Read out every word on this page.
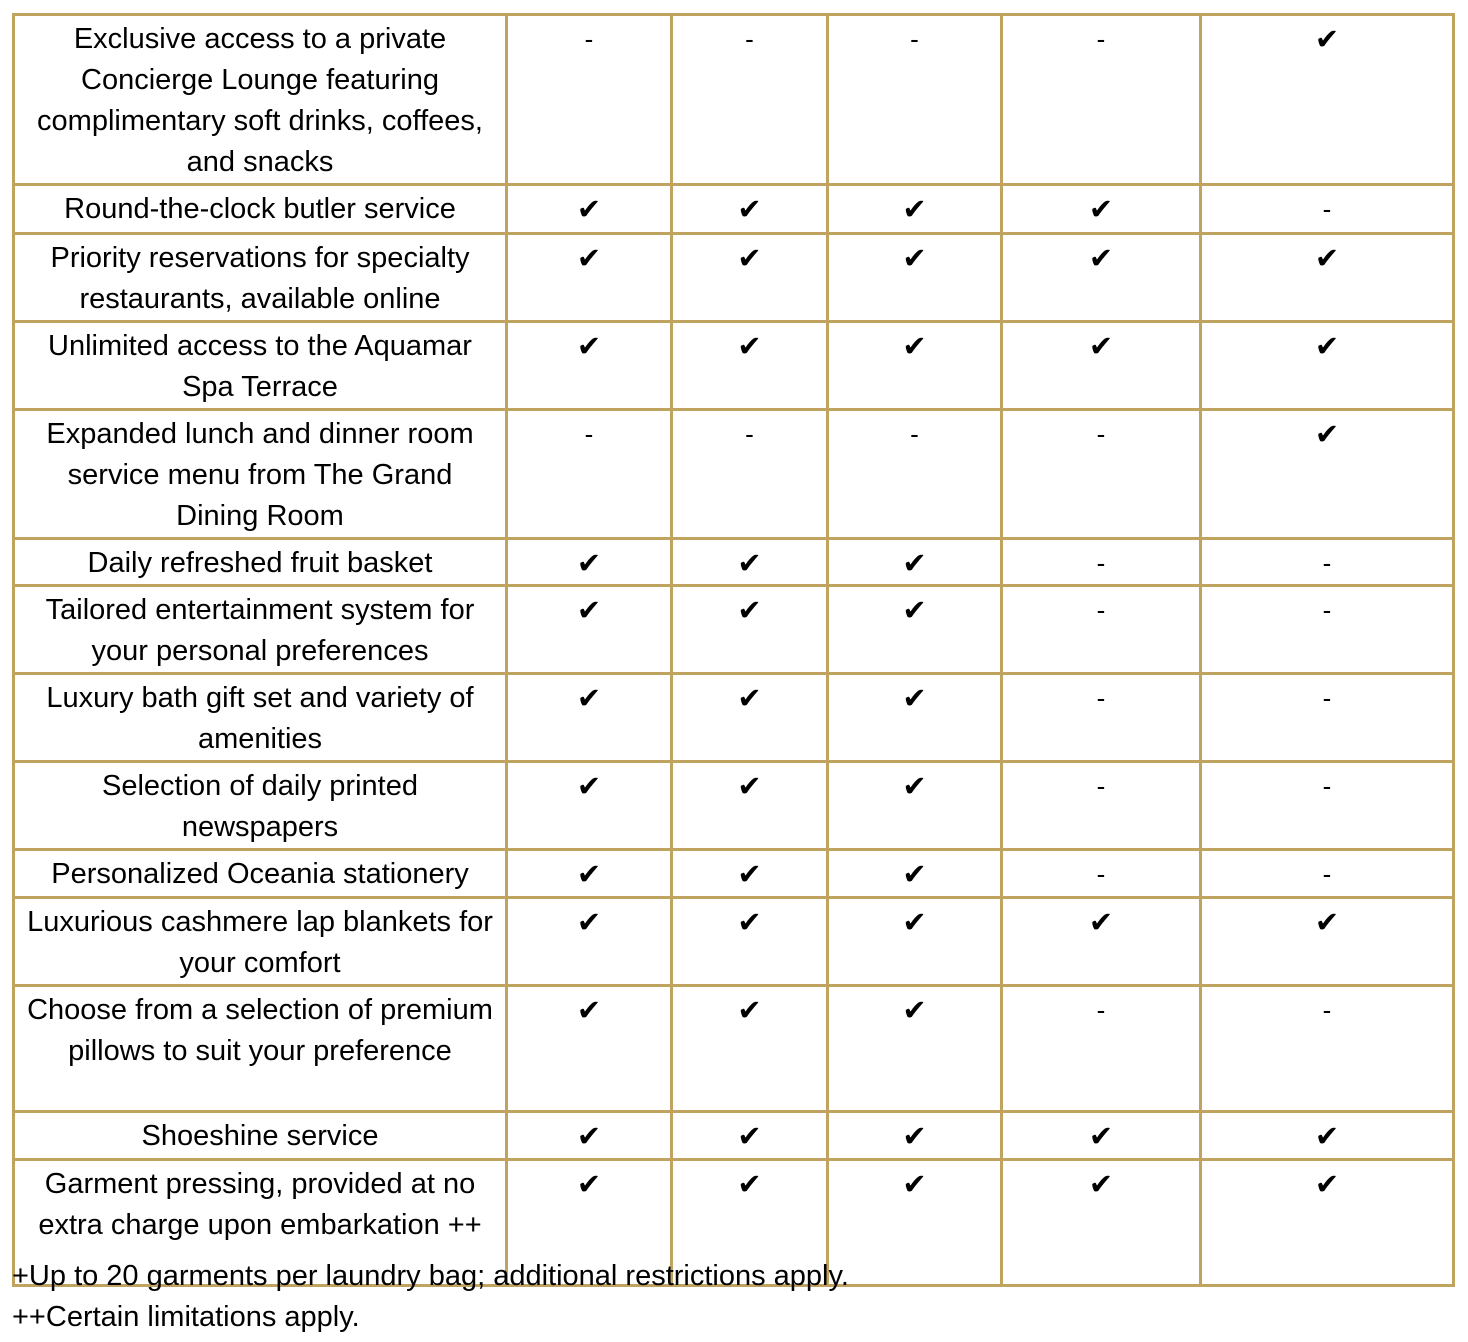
Exclusive access to a private Concierge Lounge featuring complimentary soft drinks, coffees, and snacks	-	-	-	-	✔
Round-the-clock butler service	✔	✔	✔	✔	-
Priority reservations for specialty restaurants, available online	✔	✔	✔	✔	✔
Unlimited access to the Aquamar Spa Terrace	✔	✔	✔	✔	✔
Expanded lunch and dinner room service menu from The Grand Dining Room	-	-	-	-	✔
Daily refreshed fruit basket	✔	✔	✔	-	-
Tailored entertainment system for your personal preferences	✔	✔	✔	-	-
Luxury bath gift set and variety of amenities	✔	✔	✔	-	-
Selection of daily printed newspapers	✔	✔	✔	-	-
Personalized Oceania stationery	✔	✔	✔	-	-
Luxurious cashmere lap blankets for your comfort	✔	✔	✔	✔	✔
Choose from a selection of premium pillows to suit your preference	✔	✔	✔	-	-
Shoeshine service	✔	✔	✔	✔	✔
Garment pressing, provided at no extra charge upon embarkation ++	✔	✔	✔	✔	✔

+Up to 20 garments per laundry bag; additional restrictions apply.

++Certain limitations apply.
